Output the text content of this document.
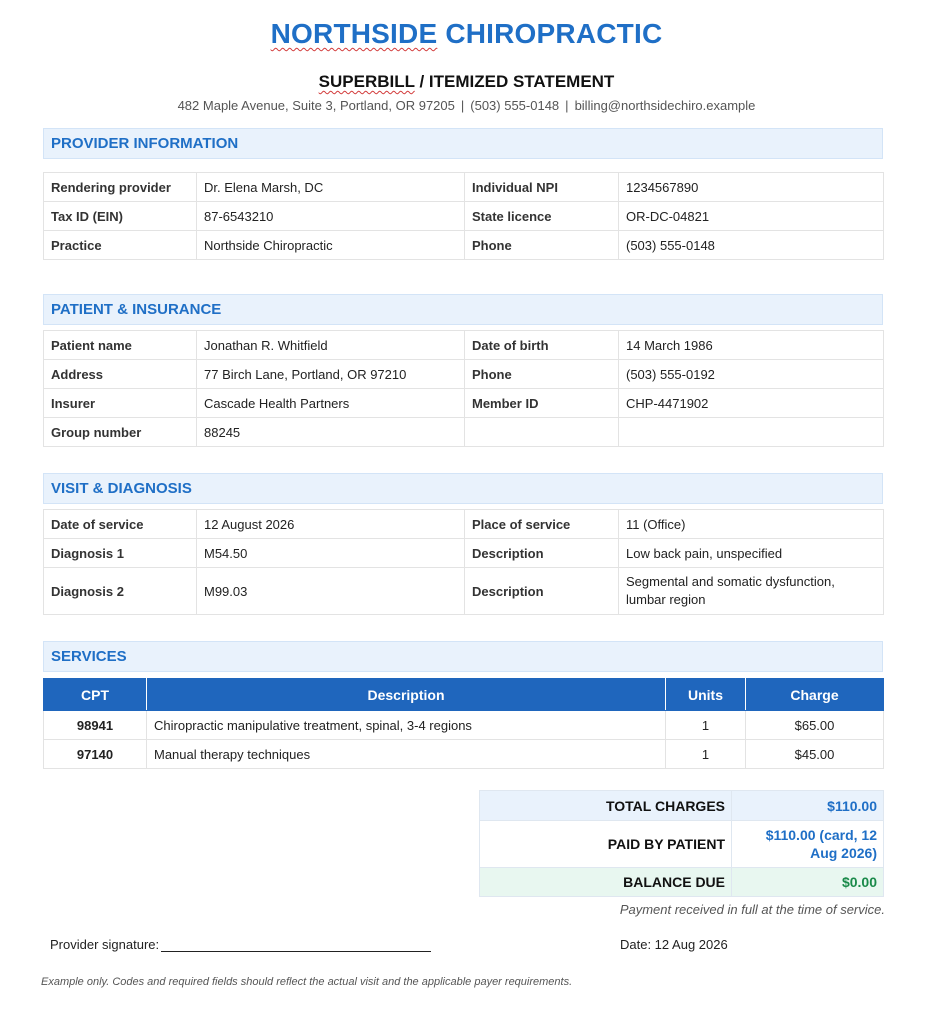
NORTHSIDE CHIROPRACTIC
SUPERBILL / ITEMIZED STATEMENT
482 Maple Avenue, Suite 3, Portland, OR 97205 | (503) 555-0148 | billing@northsidechiro.example
PROVIDER INFORMATION
Rendering provider	Dr. Elena Marsh, DC	Individual NPI	1234567890
Tax ID (EIN)	87-6543210	State licence	OR-DC-04821
Practice	Northside Chiropractic	Phone	(503) 555-0148
PATIENT & INSURANCE
Patient name	Jonathan R. Whitfield	Date of birth	14 March 1986
Address	77 Birch Lane, Portland, OR 97210	Phone	(503) 555-0192
Insurer	Cascade Health Partners	Member ID	CHP-4471902
Group number	88245		
VISIT & DIAGNOSIS
Date of service	12 August 2026	Place of service	11 (Office)
Diagnosis 1	M54.50	Description	Low back pain, unspecified
Diagnosis 2	M99.03	Description	Segmental and somatic dysfunction, lumbar region
SERVICES
CPT	Description	Units	Charge
98941	Chiropractic manipulative treatment, spinal, 3-4 regions	1	$65.00
97140	Manual therapy techniques	1	$45.00
TOTAL CHARGES	$110.00
PAID BY PATIENT	$110.00 (card, 12 Aug 2026)
BALANCE DUE	$0.00
Payment received in full at the time of service.
Provider signature:	Date: 12 Aug 2026
Example only. Codes and required fields should reflect the actual visit and the applicable payer requirements.
